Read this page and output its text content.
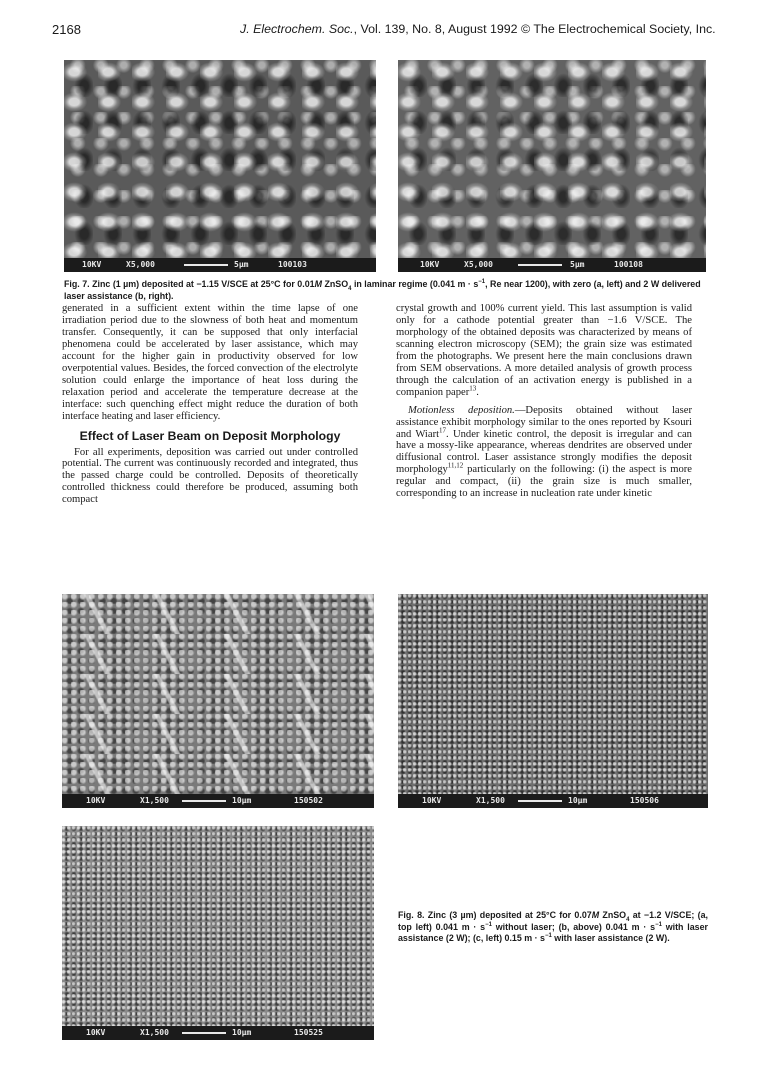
2168	J. Electrochem. Soc., Vol. 139, No. 8, August 1992 © The Electrochemical Society, Inc.
10KV	X5,000	5µm	100103	10KV	X5,000	5µm	100108
Fig. 7. Zinc (1 µm) deposited at −1.15 V/SCE at 25°C for 0.01M ZnSO$_4$ in laminar regime (0.041 $m \cdot s^{-1}$, Re near 1200), with zero (a, left) and 2 W delivered laser assistance (b, right).

generated in a sufficient extent within the time lapse of one irradiation period due to the slowness of both heat and momentum transfer. Consequently, it can be supposed that only interfacial phenomena could be accelerated by laser assistance, which may account for the higher gain in productivity observed for low overpotential values. Besides, the forced convection of the electrolyte solution could enlarge the importance of heat loss during the relaxation period and accelerate the temperature decrease at the interface: such quenching effect might reduce the duration of both interface heating and laser efficiency.

Effect of Laser Beam on Deposit Morphology

For all experiments, deposition was carried out under controlled potential. The current was continuously recorded and integrated, thus the passed charge could be controlled. Deposits of theoretically controlled thickness could therefore be produced, assuming both compact

crystal growth and 100% current yield. This last assumption is valid only for a cathode potential greater than −1.6 V/SCE. The morphology of the obtained deposits was characterized by means of scanning electron microscopy (SEM); the grain size was estimated from the photographs. We present here the main conclusions drawn from SEM observations. A more detailed analysis of growth process through the calculation of an activation energy is published in a companion paper$^{13}$.

Motionless deposition.—Deposits obtained without laser assistance exhibit morphology similar to the ones reported by Ksouri and Wiart$^{17}$. Under kinetic control, the deposit is irregular and can have a mossy-like appearance, whereas dendrites are observed under diffusional control. Laser assistance strongly modifies the deposit morphology$^{11,12}$ particularly on the following: (i) the aspect is more regular and compact, (ii) the grain size is much smaller, corresponding to an increase in nucleation rate under kinetic

10KV	X1,500	10µm	150502	10KV	X1,500	10µm	150506
10KV	X1,500	10µm	150525
Fig. 8. Zinc (3 µm) deposited at 25°C for 0.07M ZnSO$_4$ at −1.2 V/SCE; (a, top left) 0.041 $m \cdot s^{-1}$ without laser; (b, above) 0.041 $m \cdot s^{-1}$ with laser assistance (2 W); (c, left) 0.15 $m \cdot s^{-1}$ with laser assistance (2 W).
